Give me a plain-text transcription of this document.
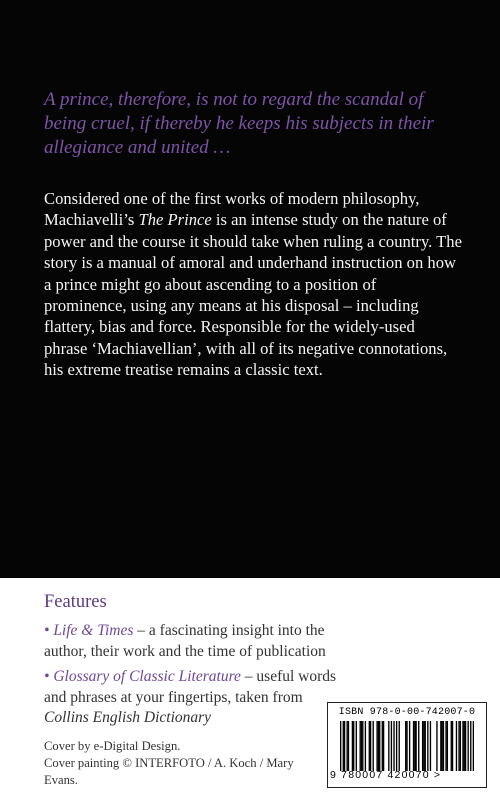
A prince, therefore, is not to regard the scandal of being cruel, if thereby he keeps his subjects in their allegiance and united …

Considered one of the first works of modern philosophy, Machiavelli’s The Prince is an intense study on the nature of power and the course it should take when ruling a country. The story is a manual of amoral and underhand instruction on how a prince might go about ascending to a position of prominence, using any means at his disposal – including flattery, bias and force. Responsible for the widely-used phrase ‘Machiavellian’, with all of its negative connotations, his extreme treatise remains a classic text.

Features

• Life & Times – a fascinating insight into the author, their work and the time of publication

• Glossary of Classic Literature – useful words and phrases at your fingertips, taken from Collins English Dictionary

Cover by e-Digital Design.
Cover painting © INTERFOTO / A. Koch / Mary Evans.

ISBN 978-0-00-742007-0
9 780007 420070 >
